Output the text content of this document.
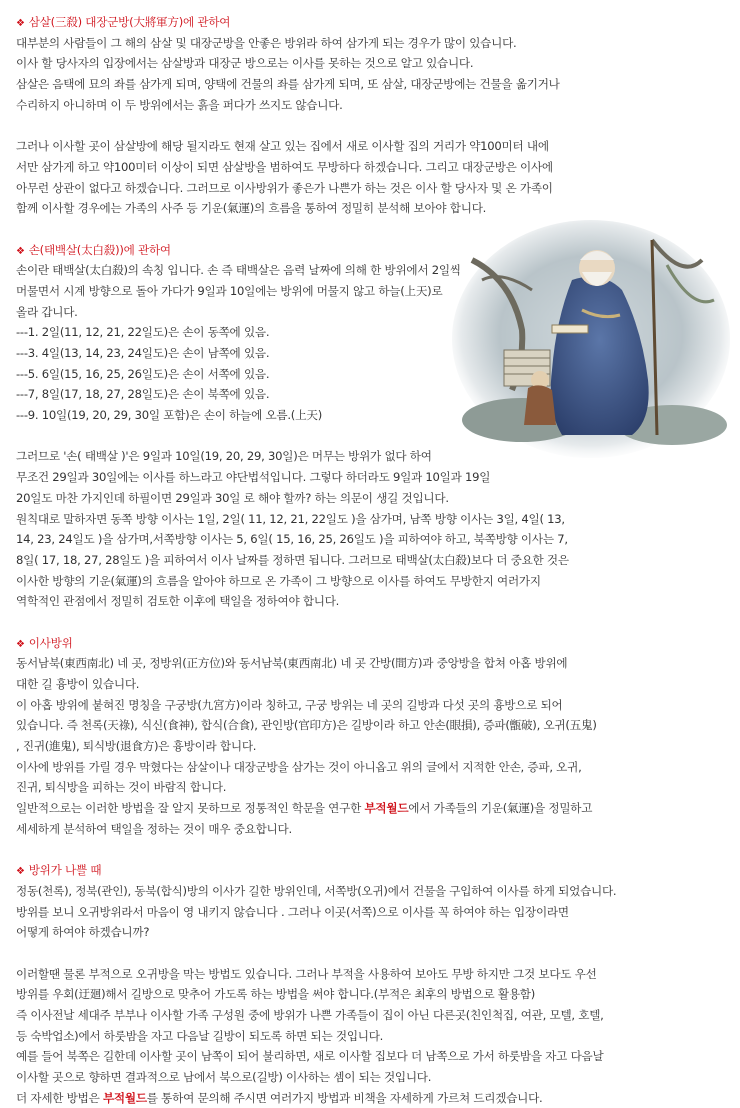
❖ 삼살(三殺) 대장군방(大將軍方)에 관하여
대부분의 사람들이 그 해의 삼살 및 대장군방을 안좋은 방위라 하여 삼가게 되는 경우가 많이 있습니다.
이사 할 당사자의 입장에서는 삼살방과 대장군 방으로는 이사를 못하는 것으로 알고 있습니다.
삼살은 음택에 묘의 좌를 삼가게 되며, 양택에 건물의 좌를 삼가게 되며, 또 삼살, 대장군방에는 건물을 옮기거나
수리하지 아니하며 이 두 방위에서는 흙을 퍼다가 쓰지도 않습니다.
그러나 이사할 곳이 삼살방에 해당 될지라도 현재 살고 있는 집에서 새로 이사할 집의 거리가 약100미터 내에
서만 삼가게 하고 약100미터 이상이 되면 삼살방을 범하여도 무방하다 하겠습니다. 그리고 대장군방은 이사에
아무런 상관이 없다고 하겠습니다. 그러므로 이사방위가 좋은가 나쁜가 하는 것은 이사 할 당사자 및 온 가족이
함께 이사할 경우에는 가족의 사주 등 기운(氣運)의 흐름을 통하여 정밀히 분석해 보아야 합니다.
❖ 손(태백살(太白殺))에 관하여
손이란 태백살(太白殺)의 속칭 입니다. 손 즉 태백살은 음력 날짜에 의해 한 방위에서 2일씩
머물면서 시계 방향으로 돌아 가다가 9일과 10일에는 방위에 머물지 않고 하늘(上天)로
올라 갑니다.
---1. 2일(11, 12, 21, 22일도)은 손이 동쪽에 있음.
---3. 4일(13, 14, 23, 24일도)은 손이 남쪽에 있음.
---5. 6일(15, 16, 25, 26일도)은 손이 서쪽에 있음.
---7, 8일(17, 18, 27, 28일도)은 손이 북쪽에 있음.
---9. 10일(19, 20, 29, 30일 포함)은 손이 하늘에 오름.(上天)
그러므로 '손( 태백살 )'은 9일과 10일(19, 20, 29, 30일)은 머무는 방위가 없다 하여
무조건 29일과 30일에는 이사를 하느라고 야단법석입니다. 그렇다 하더라도 9일과 10일과 19일
20일도 마찬 가지인데 하필이면 29일과 30일 로 해야 할까? 하는 의문이 생길 것입니다.
원칙대로 말하자면 동쪽 방향 이사는 1일, 2일( 11, 12, 21, 22일도 )을 삼가며, 남쪽 방향 이사는 3일, 4일( 13,
14, 23, 24일도 )을 삼가며,서쪽방향 이사는 5, 6일( 15, 16, 25, 26일도 )을 피하여야 하고, 북쪽방향 이사는 7,
8일( 17, 18, 27, 28일도 )을 피하여서 이사 날짜를 정하면 됩니다. 그러므로 태백살(太白殺)보다 더 중요한 것은
이사한 방향의 기운(氣運)의 흐름을 알아야 하므로 온 가족이 그 방향으로 이사를 하여도 무방한지 여러가지
역학적인 관점에서 정밀히 검토한 이후에 택일을 정하여야 합니다.
❖ 이사방위
동서남북(東西南北) 네 곳, 정방위(正方位)와 동서남북(東西南北) 네 곳 간방(間方)과 중앙방을 합쳐 아홉 방위에
대한 길 흉방이 있습니다.
이 아홉 방위에 붙혀진 명칭을 구궁방(九宮方)이라 칭하고, 구궁 방위는 네 곳의 길방과 다섯 곳의 흉방으로 되어
있습니다. 즉 천록(天祿), 식신(食神), 합식(合食), 관인방(官印方)은 길방이라 하고 안손(眼損), 증파(甑破), 오귀(五鬼)
, 진귀(進鬼), 퇴식방(退食方)은 흉방이라 합니다.
이사에 방위를 가릴 경우 막혔다는 삼살이나 대장군방을 삼가는 것이 아니옵고 위의 글에서 지적한 안손, 증파, 오귀,
진귀, 퇴식방을 피하는 것이 바람직 합니다.
일반적으로는 이러한 방법을 잘 알지 못하므로 정통적인 학문을 연구한 부적월드에서 가족들의 기운(氣運)을 정밀하고
세세하게 분석하여 택일을 정하는 것이 매우 중요합니다.
❖ 방위가 나쁠 때
정동(천록), 정북(관인), 동북(합식)방의 이사가 길한 방위인데, 서쪽방(오귀)에서 건물을 구입하여 이사를 하게 되었습니다.
방위를 보니 오귀방위라서 마음이 영 내키지 않습니다 . 그러나 이곳(서쪽)으로 이사를 꼭 하여야 하는 입장이라면
어떻게 하여야 하겠습니까?
이러할땐 물론 부적으로 오귀방을 막는 방법도 있습니다. 그러나 부적을 사용하여 보아도 무방 하지만 그것 보다도 우선
방위를 우회(迂廻)해서 길방으로 맞추어 가도록 하는 방법을 써야 합니다.(부적은 최후의 방법으로 활용함)
즉 이사전날 세대주 부부나 이사할 가족 구성원 중에 방위가 나쁜 가족들이 집이 아닌 다른곳(친인척집, 여관, 모텔, 호텔,
등 숙박업소)에서 하룻밤을 자고 다음날 길방이 되도록 하면 되는 것입니다.
예를 들어 북쪽은 길한데 이사할 곳이 남쪽이 되어 불리하면, 새로 이사할 집보다 더 남쪽으로 가서 하룻밤을 자고 다음날
이사할 곳으로 향하면 결과적으로 남에서 북으로(길방) 이사하는 셈이 되는 것입니다.
더 자세한 방법은 부적월드를 통하여 문의해 주시면 여러가지 방법과 비책을 자세하게 가르쳐 드리겠습니다.
